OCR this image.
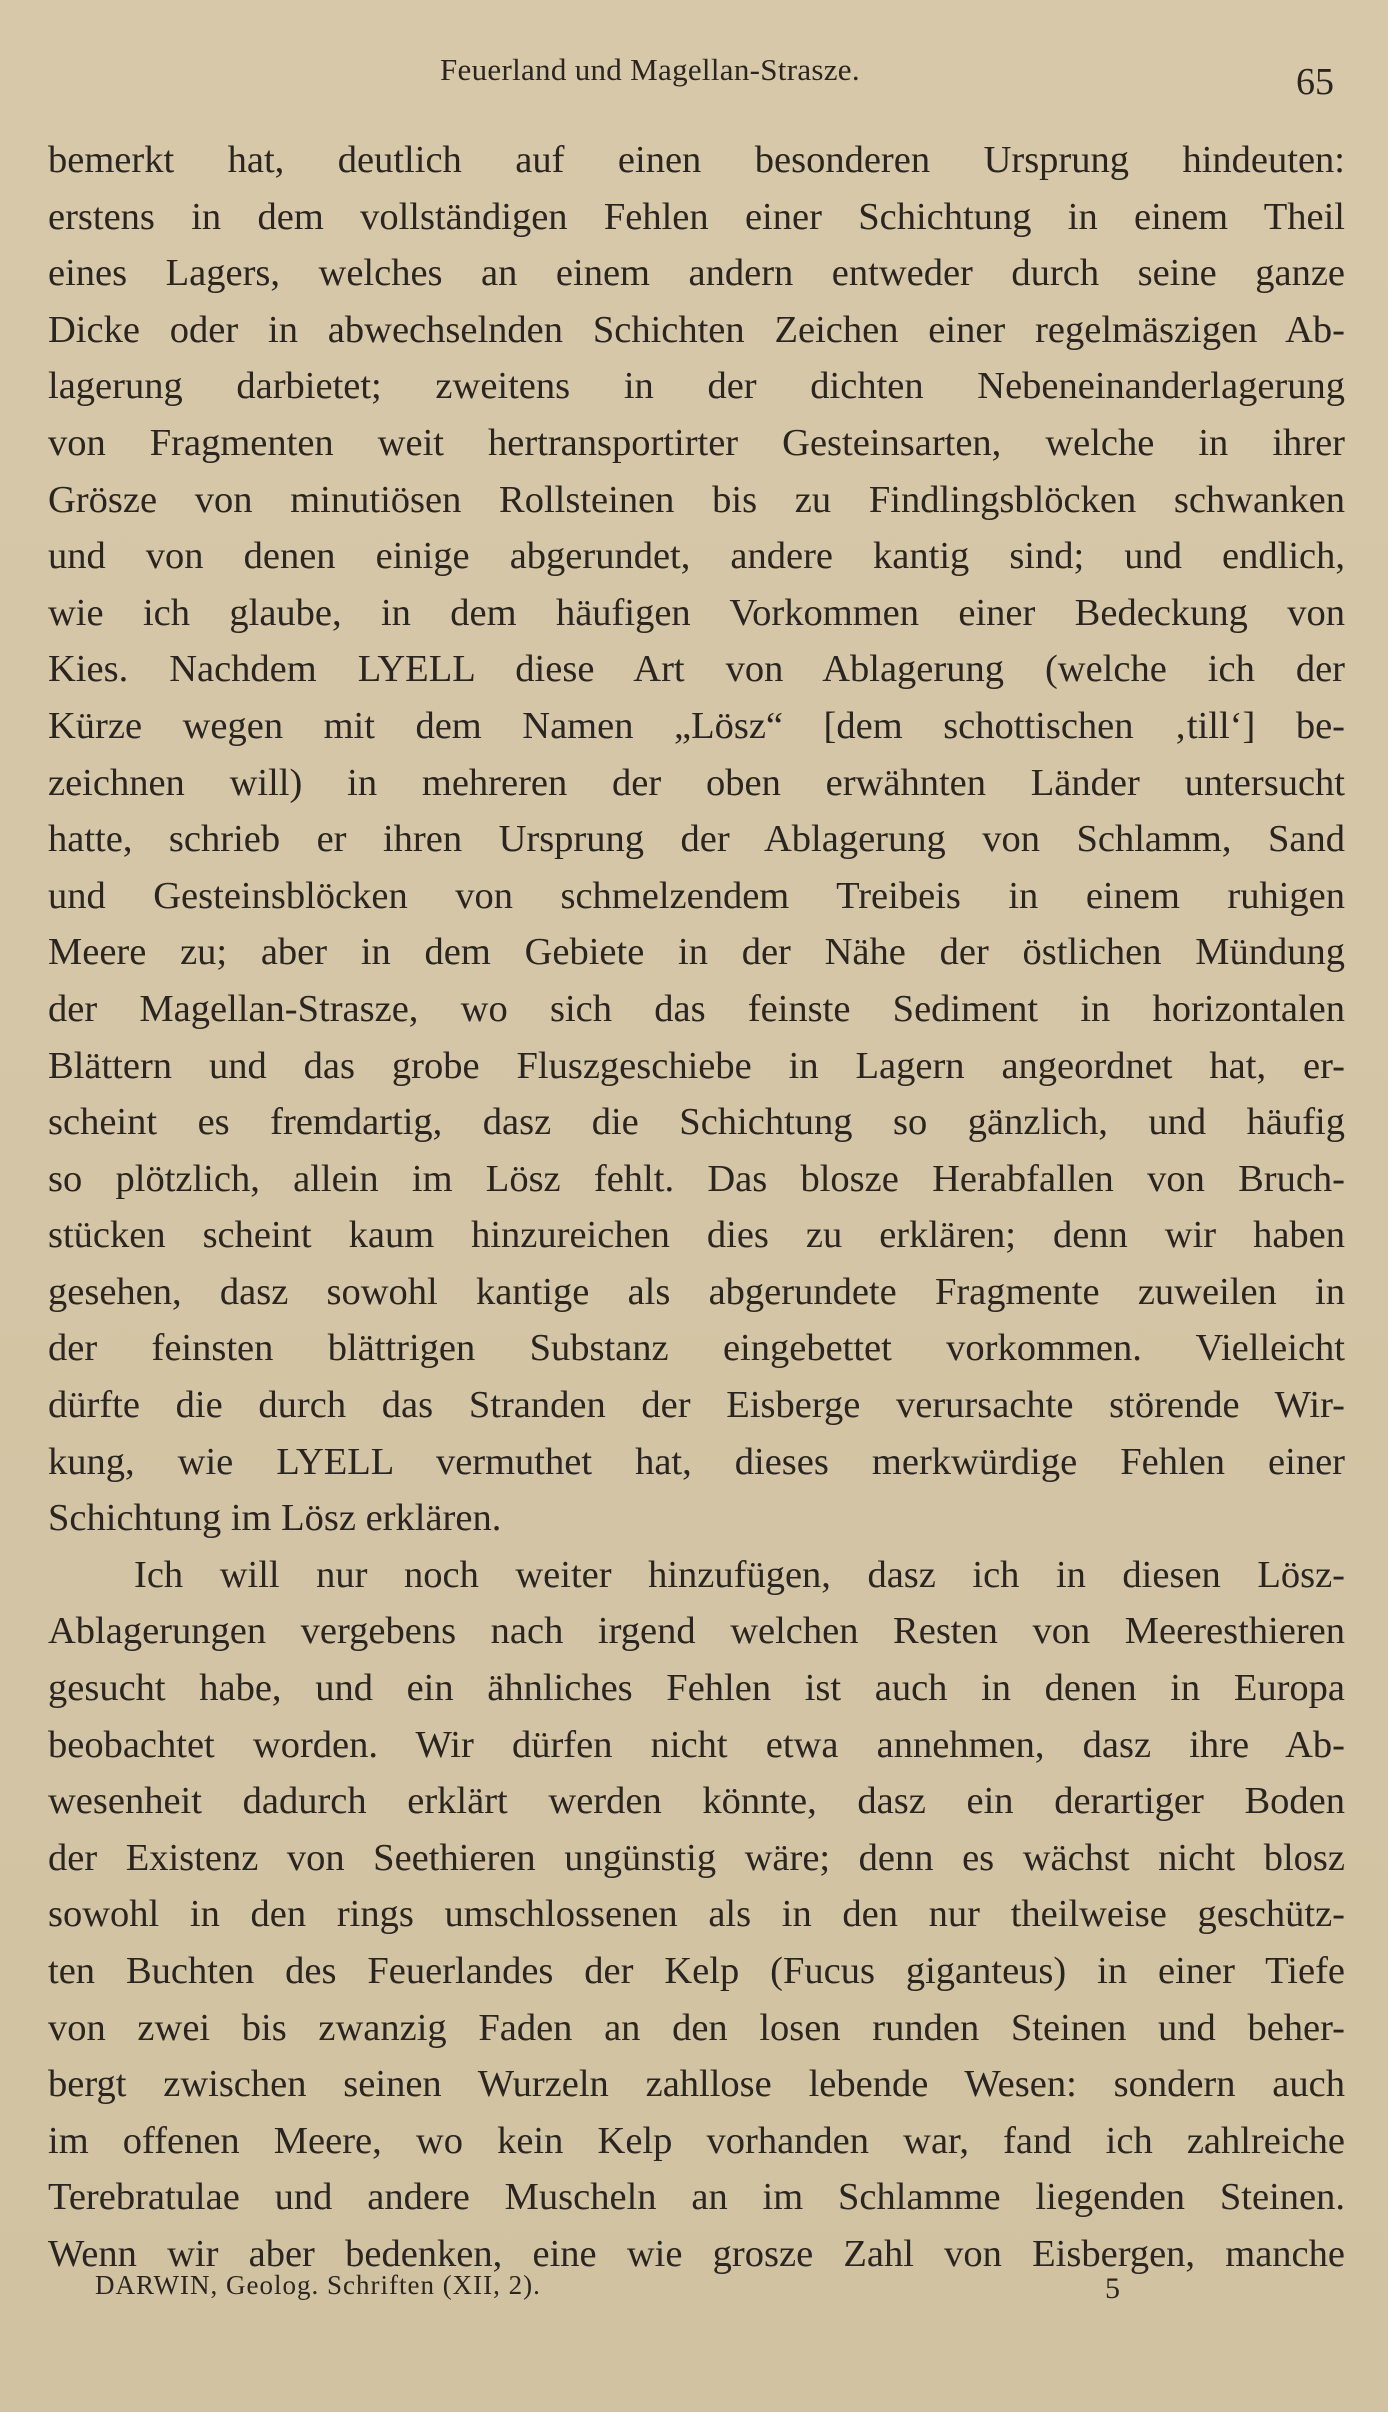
Feuerland und Magellan-Strasze.	65
bemerkt hat, deutlich auf einen besonderen Ursprung hindeuten:
erstens in dem vollständigen Fehlen einer Schichtung in einem Theil
eines Lagers, welches an einem andern entweder durch seine ganze
Dicke oder in abwechselnden Schichten Zeichen einer regelmäszigen Ab-
lagerung darbietet; zweitens in der dichten Nebeneinanderlagerung
von Fragmenten weit hertransportirter Gesteinsarten, welche in ihrer
Grösze von minutiösen Rollsteinen bis zu Findlingsblöcken schwanken
und von denen einige abgerundet, andere kantig sind; und endlich,
wie ich glaube, in dem häufigen Vorkommen einer Bedeckung von
Kies. Nachdem LYELL diese Art von Ablagerung (welche ich der
Kürze wegen mit dem Namen „Lösz“ [dem schottischen ‚till‘] be-
zeichnen will) in mehreren der oben erwähnten Länder untersucht
hatte, schrieb er ihren Ursprung der Ablagerung von Schlamm, Sand
und Gesteinsblöcken von schmelzendem Treibeis in einem ruhigen
Meere zu; aber in dem Gebiete in der Nähe der östlichen Mündung
der Magellan-Strasze, wo sich das feinste Sediment in horizontalen
Blättern und das grobe Fluszgeschiebe in Lagern angeordnet hat, er-
scheint es fremdartig, dasz die Schichtung so gänzlich, und häufig
so plötzlich, allein im Lösz fehlt. Das blosze Herabfallen von Bruch-
stücken scheint kaum hinzureichen dies zu erklären; denn wir haben
gesehen, dasz sowohl kantige als abgerundete Fragmente zuweilen in
der feinsten blättrigen Substanz eingebettet vorkommen. Vielleicht
dürfte die durch das Stranden der Eisberge verursachte störende Wir-
kung, wie LYELL vermuthet hat, dieses merkwürdige Fehlen einer
Schichtung im Lösz erklären.
Ich will nur noch weiter hinzufügen, dasz ich in diesen Lösz-
Ablagerungen vergebens nach irgend welchen Resten von Meeresthieren
gesucht habe, und ein ähnliches Fehlen ist auch in denen in Europa
beobachtet worden. Wir dürfen nicht etwa annehmen, dasz ihre Ab-
wesenheit dadurch erklärt werden könnte, dasz ein derartiger Boden
der Existenz von Seethieren ungünstig wäre; denn es wächst nicht blosz
sowohl in den rings umschlossenen als in den nur theilweise geschütz-
ten Buchten des Feuerlandes der Kelp (Fucus giganteus) in einer Tiefe
von zwei bis zwanzig Faden an den losen runden Steinen und beher-
bergt zwischen seinen Wurzeln zahllose lebende Wesen: sondern auch
im offenen Meere, wo kein Kelp vorhanden war, fand ich zahlreiche
Terebratulae und andere Muscheln an im Schlamme liegenden Steinen.
Wenn wir aber bedenken, eine wie grosze Zahl von Eisbergen, manche
DARWIN, Geolog. Schriften (XII, 2).	5
